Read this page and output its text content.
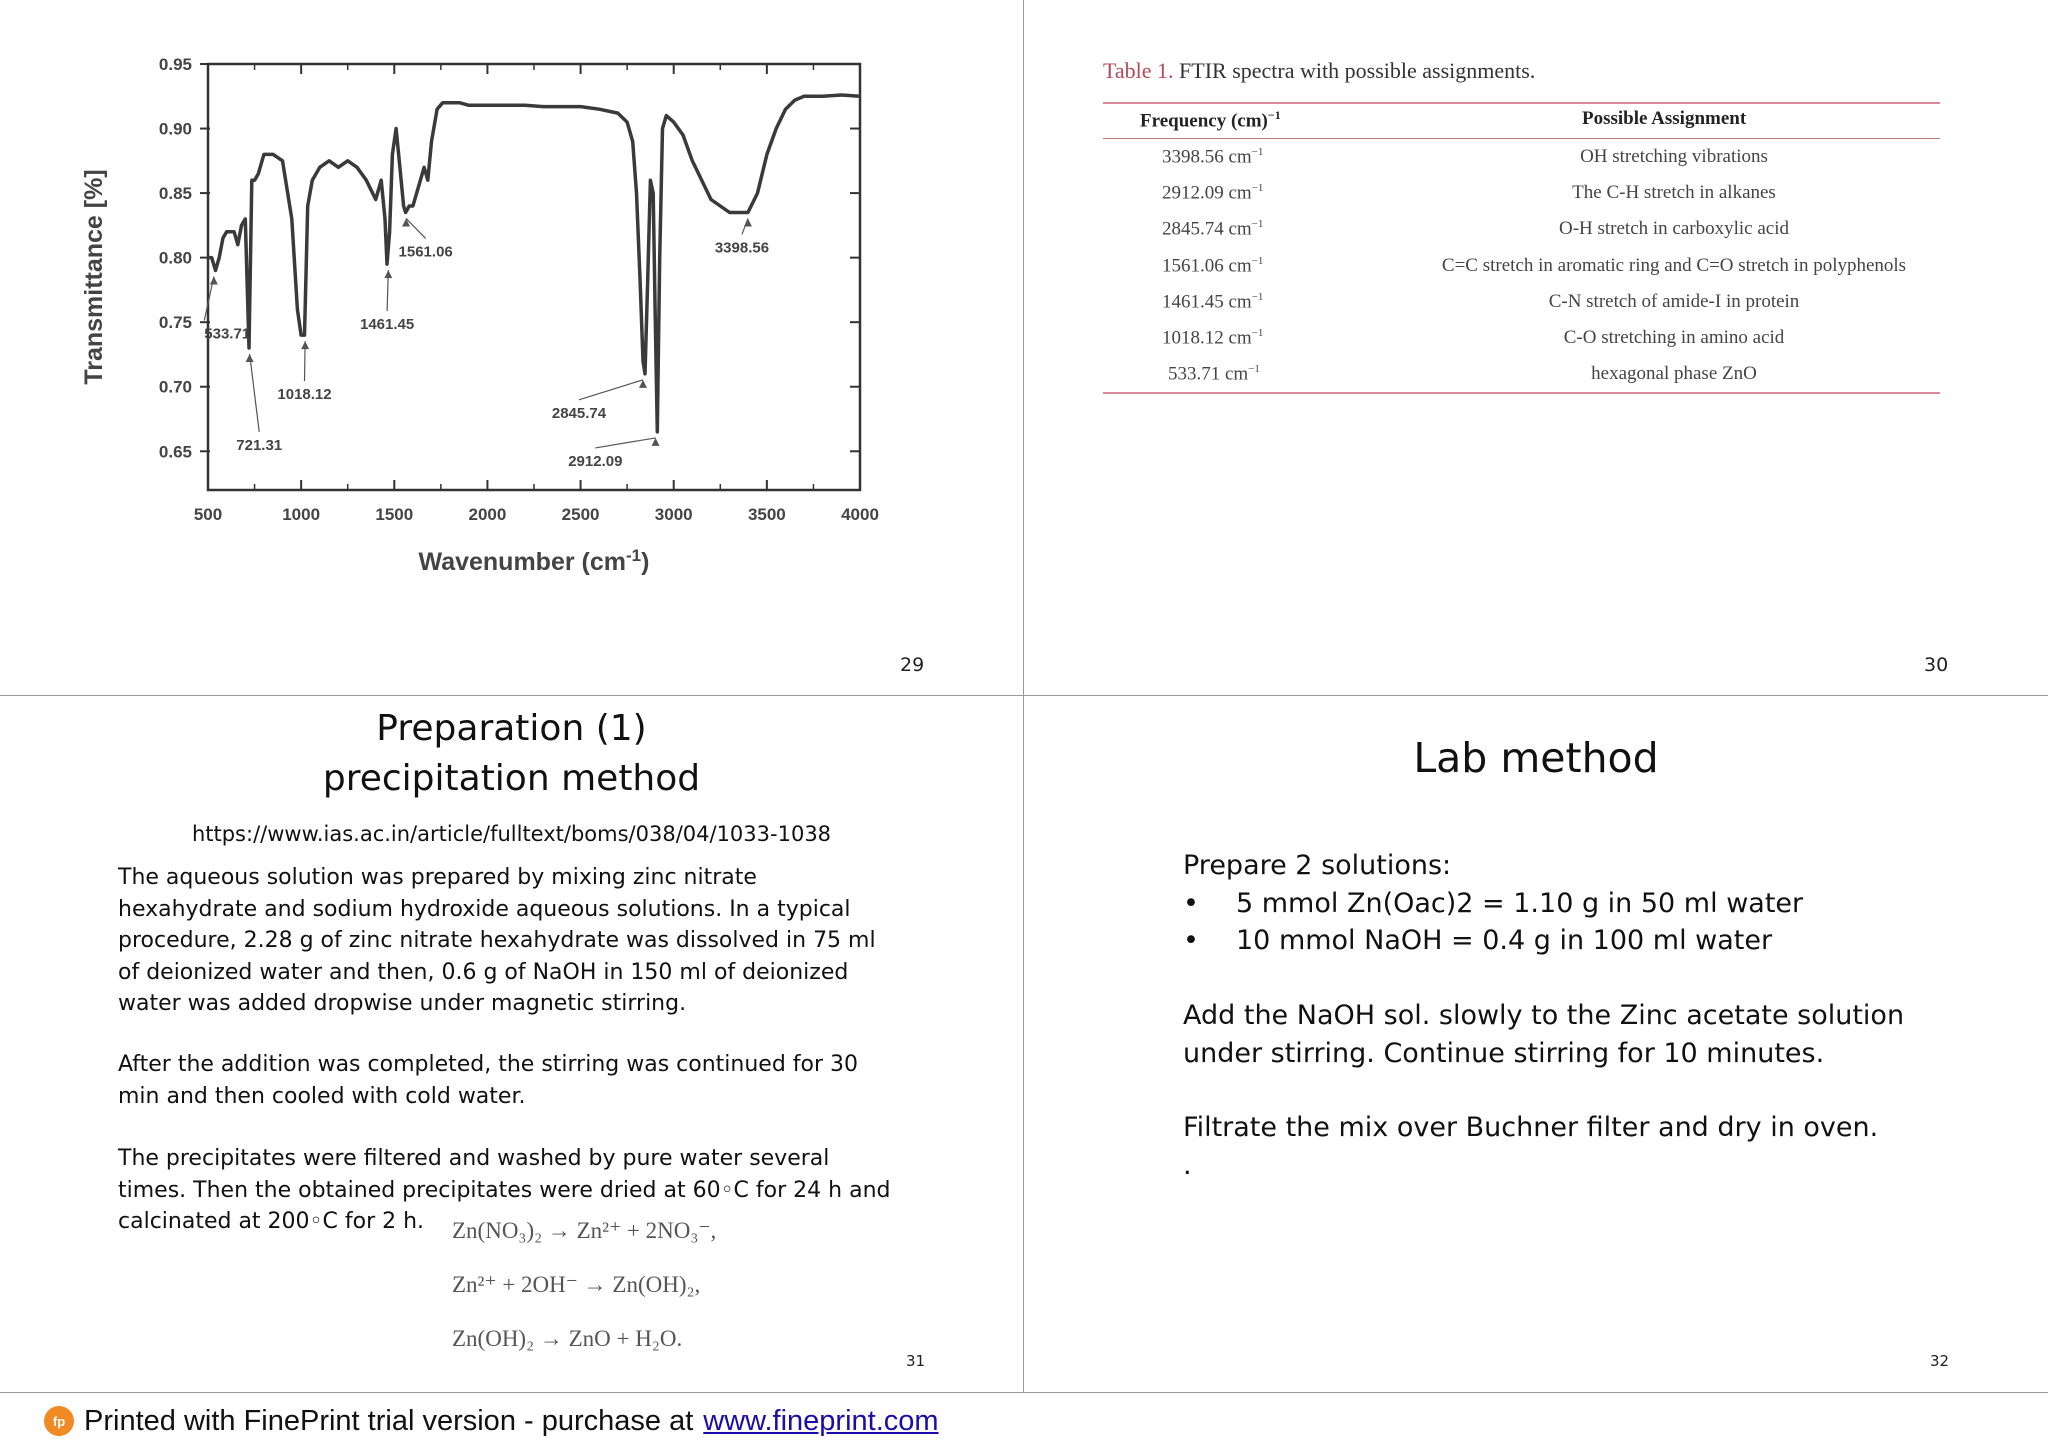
500	1000	1500	2000	2500	3000	3500	4000
0.65
0.70
0.75
0.80
0.85
0.90
0.95
533.71
721.31
1018.12
1461.45
1561.06
2845.74
2912.09
3398.56
Transmittance [%]
Wavenumber $(cm^{-1})$
29
Table 1. FTIR spectra with possible assignments.
Frequency (cm)$^{-1}$	Possible Assignment
3398.56 $cm^{-1}$	OH stretching vibrations
2912.09 $cm^{-1}$	The C-H stretch in alkanes
2845.74 $cm^{-1}$	O-H stretch in carboxylic acid
1561.06 $cm^{-1}$	C=C stretch in aromatic ring and C=O stretch in polyphenols
1461.45 $cm^{-1}$	C-N stretch of amide-I in protein
1018.12 $cm^{-1}$	C-O stretching in amino acid
533.71 $cm^{-1}$	hexagonal phase ZnO
30
Preparation (1)
precipitation method
https://www.ias.ac.in/article/fulltext/boms/038/04/1033-1038

The aqueous solution was prepared by mixing zinc nitrate hexahydrate and sodium hydroxide aqueous solutions. In a typical procedure, 2.28 g of zinc nitrate hexahydrate was dissolved in 75 ml of deionized water and then, 0.6 g of NaOH in 150 ml of deionized water was added dropwise under magnetic stirring.

After the addition was completed, the stirring was continued for 30 min and then cooled with cold water.

The precipitates were filtered and washed by pure water several times. Then the obtained precipitates were dried at 60◦C for 24 h and calcinated at 200◦C for 2 h.	Zn(NO₃)₂ → Zn²⁺ + 2NO₃⁻,
Zn²⁺ + 2OH⁻ → Zn(OH)₂,
Zn(OH)₂ → ZnO + H₂O.
31
Lab method
Prepare 2 solutions:
• 5 mmol Zn(Oac)2 = 1.10 g in 50 ml water
• 10 mmol NaOH = 0.4 g in 100 ml water
Add the NaOH sol. slowly to the Zinc acetate solution
under stirring. Continue stirring for 10 minutes.
Filtrate the mix over Buchner filter and dry in oven.
.
32
fp Printed with FinePrint trial version - purchase at www.fineprint.com
